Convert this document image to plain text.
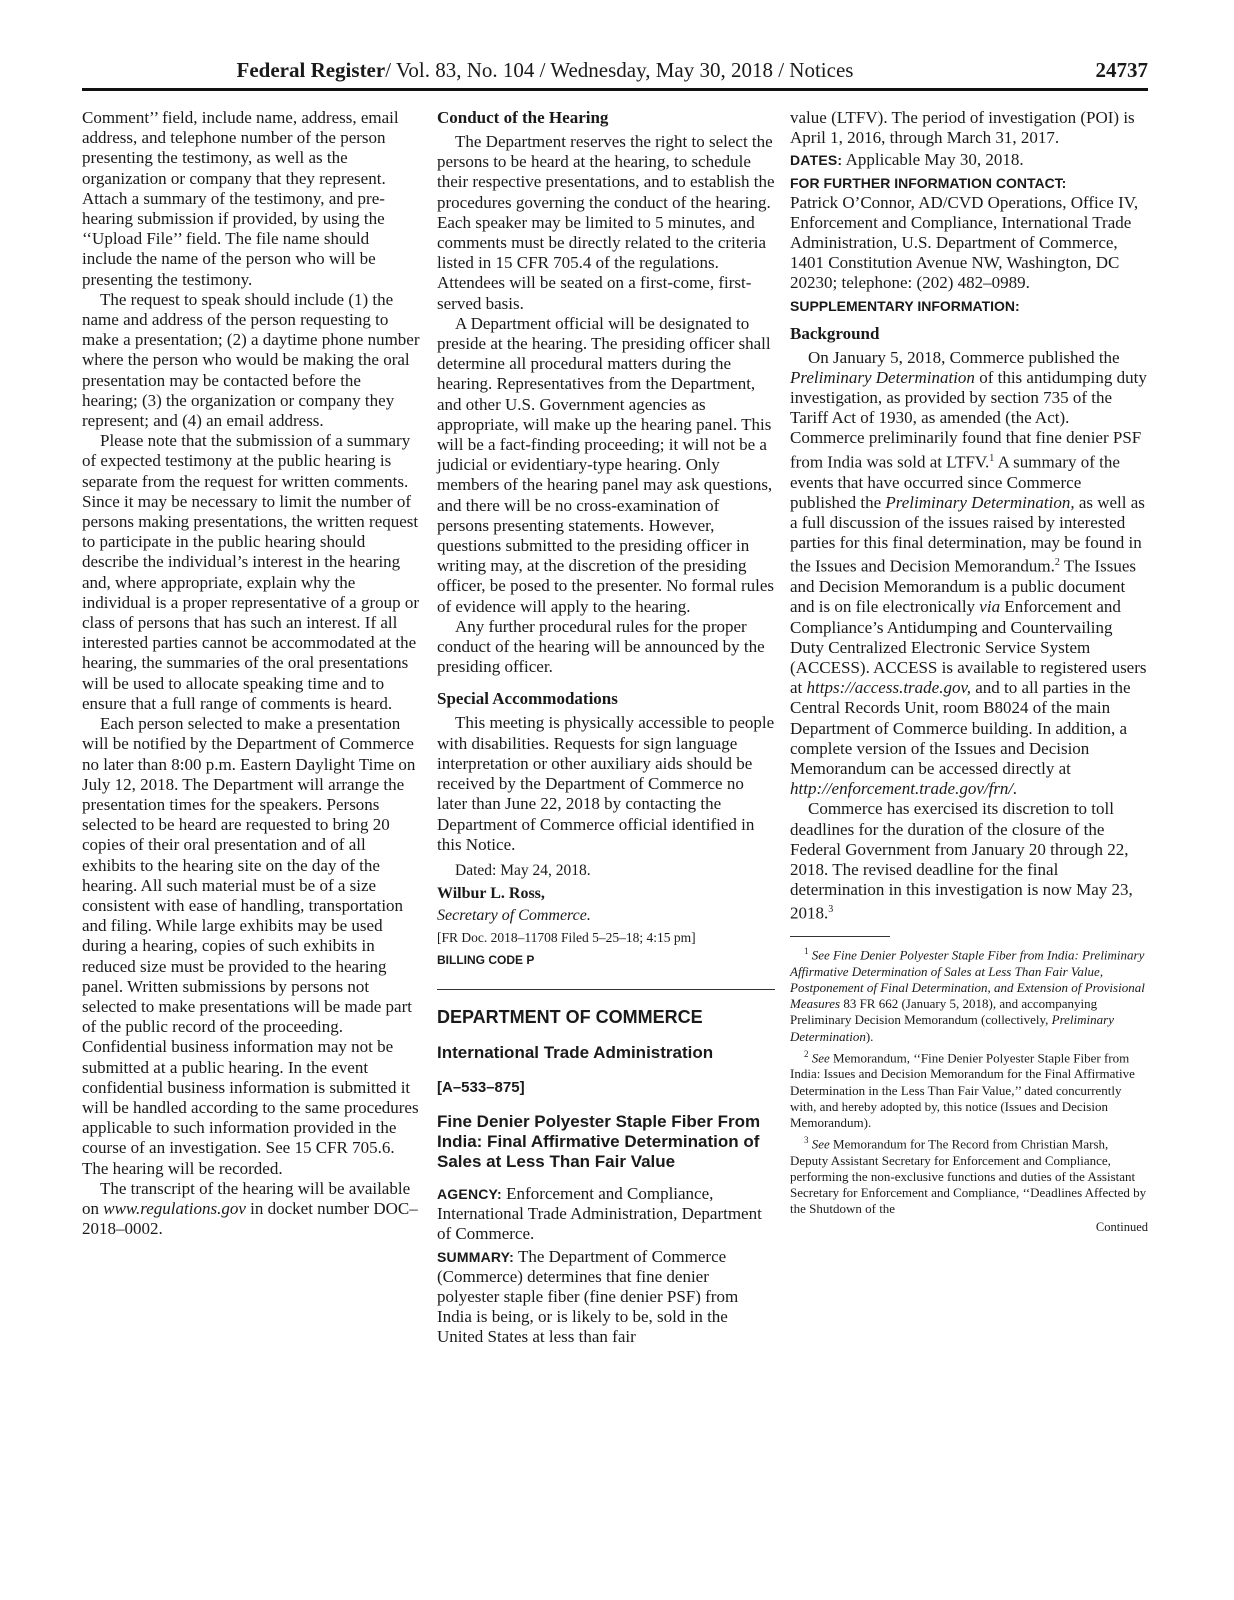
Federal Register/ Vol. 83, No. 104 / Wednesday, May 30, 2018 / Notices	24737

Comment’’ field, include name, address, email address, and telephone number of the person presenting the testimony, as well as the organization or company that they represent. Attach a summary of the testimony, and pre-hearing submission if provided, by using the ‘‘Upload File’’ field. The file name should include the name of the person who will be presenting the testimony.

The request to speak should include (1) the name and address of the person requesting to make a presentation; (2) a daytime phone number where the person who would be making the oral presentation may be contacted before the hearing; (3) the organization or company they represent; and (4) an email address.

Please note that the submission of a summary of expected testimony at the public hearing is separate from the request for written comments. Since it may be necessary to limit the number of persons making presentations, the written request to participate in the public hearing should describe the individual’s interest in the hearing and, where appropriate, explain why the individual is a proper representative of a group or class of persons that has such an interest. If all interested parties cannot be accommodated at the hearing, the summaries of the oral presentations will be used to allocate speaking time and to ensure that a full range of comments is heard.

Each person selected to make a presentation will be notified by the Department of Commerce no later than 8:00 p.m. Eastern Daylight Time on July 12, 2018. The Department will arrange the presentation times for the speakers. Persons selected to be heard are requested to bring 20 copies of their oral presentation and of all exhibits to the hearing site on the day of the hearing. All such material must be of a size consistent with ease of handling, transportation and filing. While large exhibits may be used during a hearing, copies of such exhibits in reduced size must be provided to the hearing panel. Written submissions by persons not selected to make presentations will be made part of the public record of the proceeding. Confidential business information may not be submitted at a public hearing. In the event confidential business information is submitted it will be handled according to the same procedures applicable to such information provided in the course of an investigation. See 15 CFR 705.6. The hearing will be recorded.

The transcript of the hearing will be available on www.regulations.gov in docket number DOC–2018–0002.

Conduct of the Hearing

The Department reserves the right to select the persons to be heard at the hearing, to schedule their respective presentations, and to establish the procedures governing the conduct of the hearing. Each speaker may be limited to 5 minutes, and comments must be directly related to the criteria listed in 15 CFR 705.4 of the regulations. Attendees will be seated on a first-come, first-served basis.

A Department official will be designated to preside at the hearing. The presiding officer shall determine all procedural matters during the hearing. Representatives from the Department, and other U.S. Government agencies as appropriate, will make up the hearing panel. This will be a fact-finding proceeding; it will not be a judicial or evidentiary-type hearing. Only members of the hearing panel may ask questions, and there will be no cross-examination of persons presenting statements. However, questions submitted to the presiding officer in writing may, at the discretion of the presiding officer, be posed to the presenter. No formal rules of evidence will apply to the hearing.

Any further procedural rules for the proper conduct of the hearing will be announced by the presiding officer.

Special Accommodations

This meeting is physically accessible to people with disabilities. Requests for sign language interpretation or other auxiliary aids should be received by the Department of Commerce no later than June 22, 2018 by contacting the Department of Commerce official identified in this Notice.

Dated: May 24, 2018.

Wilbur L. Ross,
Secretary of Commerce.
[FR Doc. 2018–11708 Filed 5–25–18; 4:15 pm]
BILLING CODE P
DEPARTMENT OF COMMERCE
International Trade Administration
[A–533–875]
Fine Denier Polyester Staple Fiber From India: Final Affirmative Determination of Sales at Less Than Fair Value

AGENCY: Enforcement and Compliance, International Trade Administration, Department of Commerce.

SUMMARY: The Department of Commerce (Commerce) determines that fine denier polyester staple fiber (fine denier PSF) from India is being, or is likely to be, sold in the United States at less than fair

value (LTFV). The period of investigation (POI) is April 1, 2016, through March 31, 2017.

DATES: Applicable May 30, 2018.

FOR FURTHER INFORMATION CONTACT:

Patrick O’Connor, AD/CVD Operations, Office IV, Enforcement and Compliance, International Trade Administration, U.S. Department of Commerce, 1401 Constitution Avenue NW, Washington, DC 20230; telephone: (202) 482–0989.

SUPPLEMENTARY INFORMATION:
Background

On January 5, 2018, Commerce published the Preliminary Determination of this antidumping duty investigation, as provided by section 735 of the Tariff Act of 1930, as amended (the Act). Commerce preliminarily found that fine denier PSF from India was sold at LTFV.$^1$ A summary of the events that have occurred since Commerce published the Preliminary Determination, as well as a full discussion of the issues raised by interested parties for this final determination, may be found in the Issues and Decision Memorandum.$^2$ The Issues and Decision Memorandum is a public document and is on file electronically via Enforcement and Compliance’s Antidumping and Countervailing Duty Centralized Electronic Service System (ACCESS). ACCESS is available to registered users at https://access.trade.gov, and to all parties in the Central Records Unit, room B8024 of the main Department of Commerce building. In addition, a complete version of the Issues and Decision Memorandum can be accessed directly at http://enforcement.trade.gov/frn/.

Commerce has exercised its discretion to toll deadlines for the duration of the closure of the Federal Government from January 20 through 22, 2018. The revised deadline for the final determination in this investigation is now May 23, 2018.$^3$

$^1$ See Fine Denier Polyester Staple Fiber from India: Preliminary Affirmative Determination of Sales at Less Than Fair Value, Postponement of Final Determination, and Extension of Provisional Measures 83 FR 662 (January 5, 2018), and accompanying Preliminary Decision Memorandum (collectively, Preliminary Determination).

$^2$ See Memorandum, ‘‘Fine Denier Polyester Staple Fiber from India: Issues and Decision Memorandum for the Final Affirmative Determination in the Less Than Fair Value,’’ dated concurrently with, and hereby adopted by, this notice (Issues and Decision Memorandum).

$^3$ See Memorandum for The Record from Christian Marsh, Deputy Assistant Secretary for Enforcement and Compliance, performing the non-exclusive functions and duties of the Assistant Secretary for Enforcement and Compliance, ‘‘Deadlines Affected by the Shutdown of the

Continued
